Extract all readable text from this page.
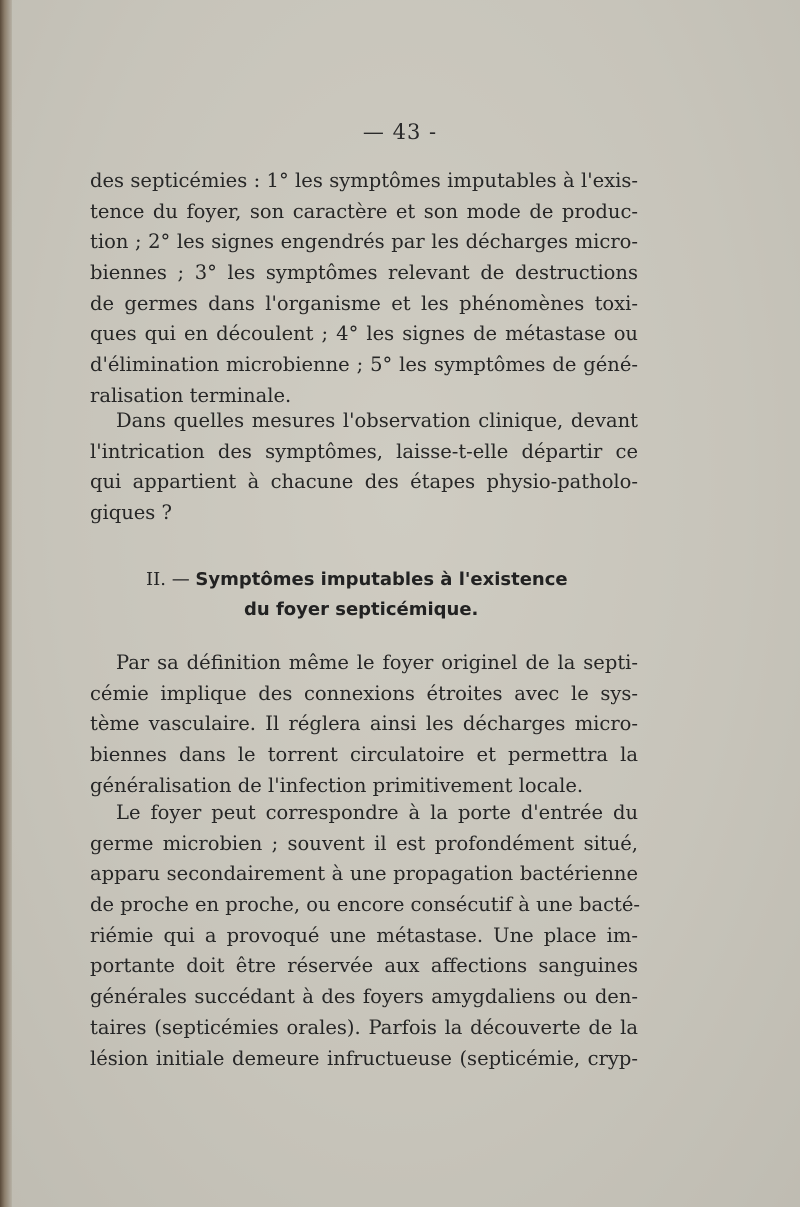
— 43 -
des septicémies : 1° les symptômes imputables à l'exis-
tence du foyer, son caractère et son mode de produc-
tion ; 2° les signes engendrés par les décharges micro-
biennes ; 3° les symptômes relevant de destructions
de germes dans l'organisme et les phénomènes toxi-
ques qui en découlent ; 4° les signes de métastase ou
d'élimination microbienne ; 5° les symptômes de géné-
ralisation terminale.
Dans quelles mesures l'observation clinique, devant
l'intrication des symptômes, laisse-t-elle départir ce
qui appartient à chacune des étapes physio-patholo-
giques ?
II. — Symptômes imputables à l'existence
du foyer septicémique.
Par sa définition même le foyer originel de la septi-
cémie implique des connexions étroites avec le sys-
tème vasculaire. Il réglera ainsi les décharges micro-
biennes dans le torrent circulatoire et permettra la
généralisation de l'infection primitivement locale.
Le foyer peut correspondre à la porte d'entrée du
germe microbien ; souvent il est profondément situé,
apparu secondairement à une propagation bactérienne
de proche en proche, ou encore consécutif à une bacté-
riémie qui a provoqué une métastase. Une place im-
portante doit être réservée aux affections sanguines
générales succédant à des foyers amygdaliens ou den-
taires (septicémies orales). Parfois la découverte de la
lésion initiale demeure infructueuse (septicémie, cryp-
